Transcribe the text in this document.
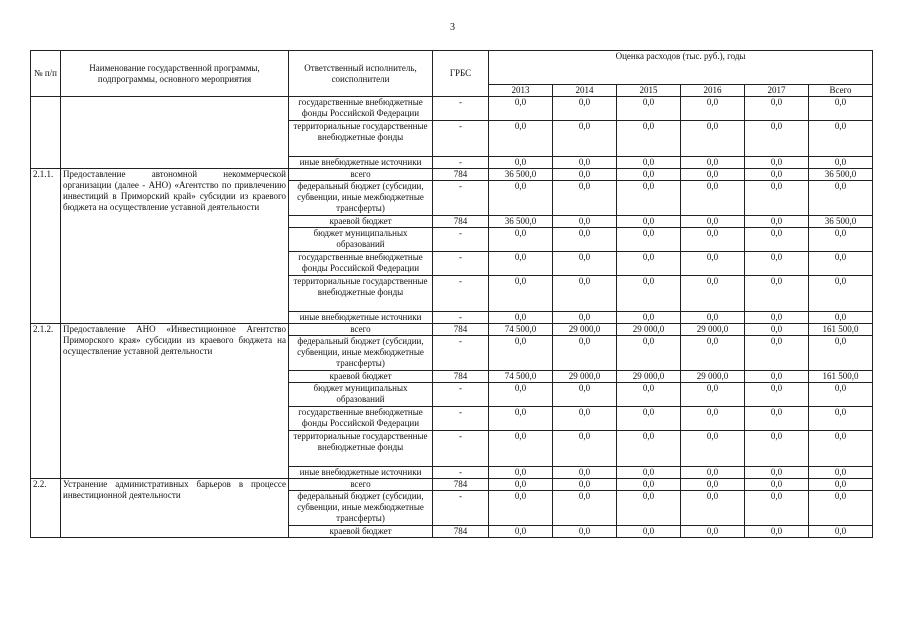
3
№ п/п	Наименование государственной программы, подпрограммы, основного мероприятия	Ответственный исполнитель, соисполнители	ГРБС	Оценка расходов (тыс. руб.), годы					
				2013	2014	2015	2016	2017	Всего
		государственные внебюджетные фонды Российской Федерации	-	0,0	0,0	0,0	0,0	0,0	0,0
		территориальные государственные внебюджетные фонды	-	0,0	0,0	0,0	0,0	0,0	0,0
		иные внебюджетные источники	-	0,0	0,0	0,0	0,0	0,0	0,0
2.1.1.	Предоставление автономной некоммерческой организации (далее - АНО) «Агентство по привлечению инвестиций в Приморский край» субсидии из краевого бюджета на осуществление уставной деятельности	всего	784	36 500,0	0,0	0,0	0,0	0,0	36 500,0
		федеральный бюджет (субсидии, субвенции, иные межбюджетные трансферты)	-	0,0	0,0	0,0	0,0	0,0	0,0
		краевой бюджет	784	36 500,0	0,0	0,0	0,0	0,0	36 500,0
		бюджет муниципальных образований	-	0,0	0,0	0,0	0,0	0,0	0,0
		государственные внебюджетные фонды Российской Федерации	-	0,0	0,0	0,0	0,0	0,0	0,0
		территориальные государственные внебюджетные фонды	-	0,0	0,0	0,0	0,0	0,0	0,0
		иные внебюджетные источники	-	0,0	0,0	0,0	0,0	0,0	0,0
2.1.2.	Предоставление АНО «Инвестиционное Агентство Приморского края» субсидии из краевого бюджета на осуществление уставной деятельности	всего	784	74 500,0	29 000,0	29 000,0	29 000,0	0,0	161 500,0
		федеральный бюджет (субсидии, субвенции, иные межбюджетные трансферты)	-	0,0	0,0	0,0	0,0	0,0	0,0
		краевой бюджет	784	74 500,0	29 000,0	29 000,0	29 000,0	0,0	161 500,0
		бюджет муниципальных образований	-	0,0	0,0	0,0	0,0	0,0	0,0
		государственные внебюджетные фонды Российской Федерации	-	0,0	0,0	0,0	0,0	0,0	0,0
		территориальные государственные внебюджетные фонды	-	0,0	0,0	0,0	0,0	0,0	0,0
		иные внебюджетные источники	-	0,0	0,0	0,0	0,0	0,0	0,0
2.2.	Устранение административных барьеров в процессе инвестиционной деятельности	всего	784	0,0	0,0	0,0	0,0	0,0	0,0
		федеральный бюджет (субсидии, субвенции, иные межбюджетные трансферты)	-	0,0	0,0	0,0	0,0	0,0	0,0
		краевой бюджет	784	0,0	0,0	0,0	0,0	0,0	0,0
